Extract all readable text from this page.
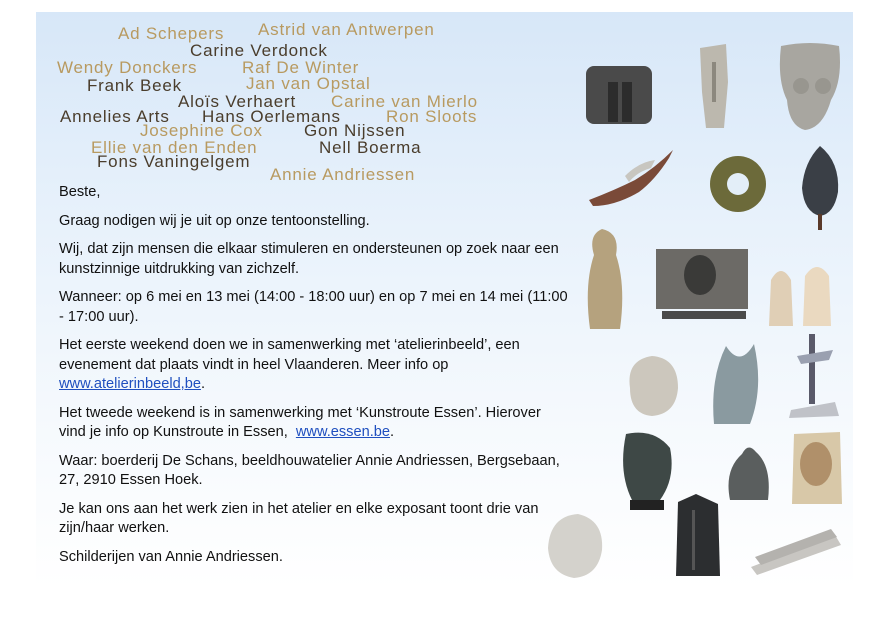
Ad Schepers Astrid van Antwerpen
Carine Verdonck
Wendy Donckers	Raf De Winter
Frank Beek	Jan van Opstal
Aloïs Verhaert Carine van Mierlo
Annelies Arts Hans Oerlemans	Ron Sloots
Josephine Cox Gon Nijssen
Ellie van den Enden	Nell Boerma
Fons Vaningelgem
Annie Andriessen

Beste,

Graag nodigen wij je uit op onze tentoonstelling.

Wij, dat zijn mensen die elkaar stimuleren en ondersteunen op zoek naar een kunstzinnige uitdrukking van zichzelf.

Wanneer: op 6 mei en 13 mei (14:00 - 18:00 uur) en op 7 mei en 14 mei (11:00 - 17:00 uur).

Het eerste weekend doen we in samenwerking met ‘atelierinbeeld’, een evenement dat plaats vindt in heel Vlaanderen. Meer info op www.atelierinbeeld,be.

Het tweede weekend is in samenwerking met ‘Kunstroute Essen’. Hierover vind je info op Kunstroute in Essen, www.essen.be.

Waar: boerderij De Schans, beeldhouwatelier Annie Andriessen, Bergsebaan, 27, 2910 Essen Hoek.

Je kan ons aan het werk zien in het atelier en elke exposant toont drie van zijn/haar werken.

Schilderijen van Annie Andriessen.
